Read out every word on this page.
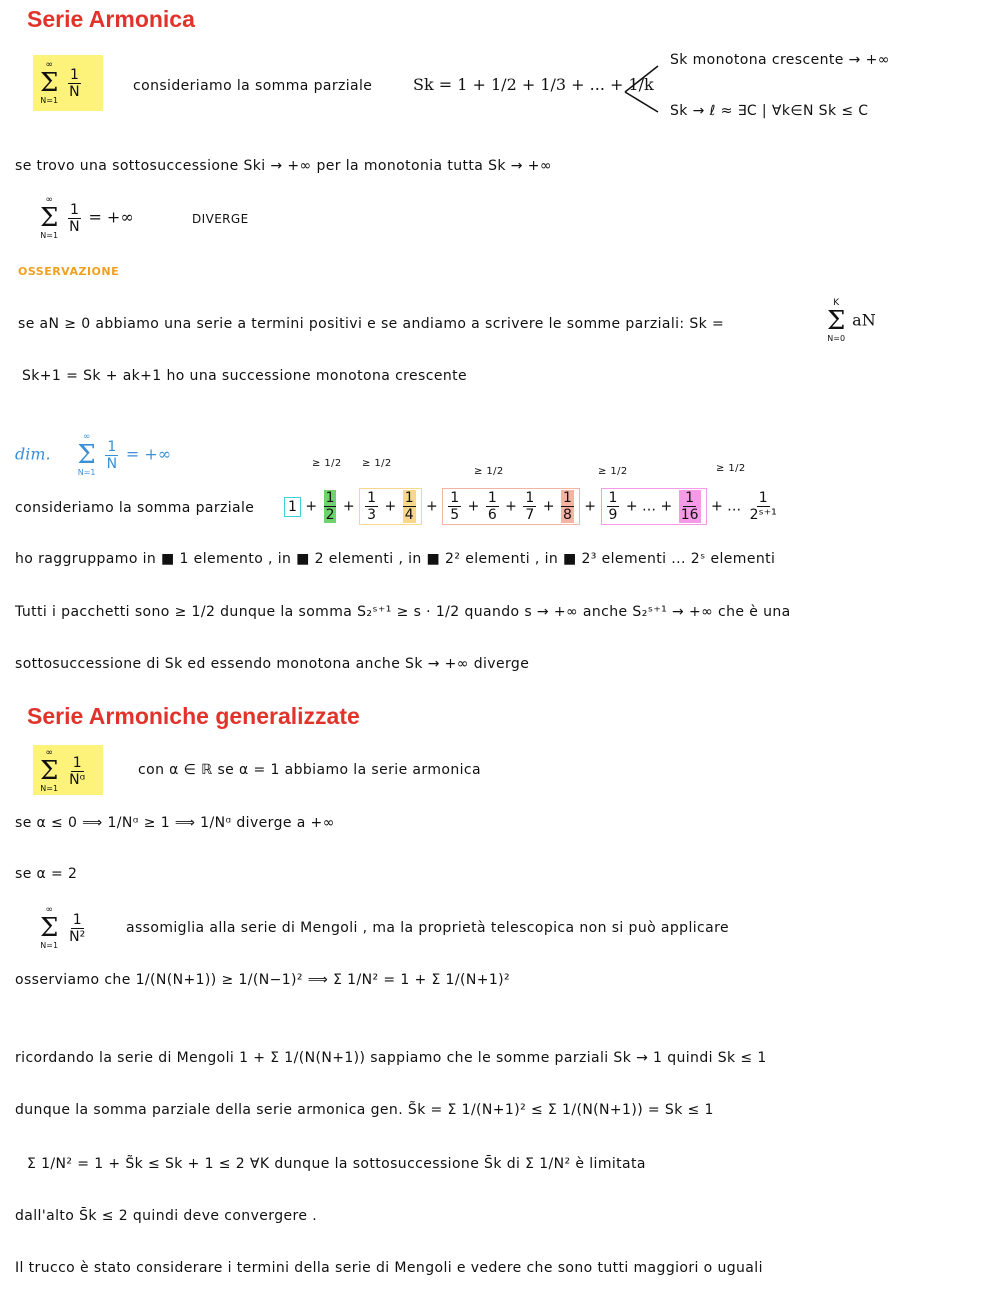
Serie Armonica
∞
Σ
N=1

$\frac{1}{N}$	consideriamo la somma parziale	Sk = 1 + 1/2 + 1/3 + ... + 1/k
Sk monotona crescente → +∞
Sk → ℓ ≈ ∃C | ∀k∈N Sk ≤ C
se trovo una sottosuccessione Ski → +∞ per la monotonia tutta Sk → +∞
∞
Σ
N=1

$\frac{1}{N}$ = +∞	DIVERGE
OSSERVAZIONE
se aN ≥ 0 abbiamo una serie a termini positivi e se andiamo a scrivere le somme parziali: Sk =
K
Σ
N=0
aN
Sk+1 = Sk + ak+1 ho una successione monotona crescente
dim.
∞
Σ
N=1

$\frac{1}{N}$ = +∞
consideriamo la somma parziale $1 + \frac{1}{2} + \frac{1}{3} + \frac{1}{4} + \frac{1}{5} + \frac{1}{6} + \frac{1}{7} + \frac{1}{8} + \frac{1}{9}$ + … + $\frac{1}{16}$ + … $\frac{1}{\text{2ˢ⁺¹}}$
≥ 1/2 ≥ 1/2
≥ 1/2	≥ 1/2	≥ 1/2
ho raggruppamo in ■ 1 elemento , in ■ 2 elementi , in ■ 2² elementi , in ■ 2³ elementi ... 2ˢ elementi
Tutti i pacchetti sono ≥ 1/2 dunque la somma S₂ˢ⁺¹ ≥ s · 1/2 quando s → +∞ anche S₂ˢ⁺¹ → +∞ che è una
sottosuccessione di Sk ed essendo monotona anche Sk → +∞ diverge
Serie Armoniche generalizzate
∞
Σ
N=1

$\frac{1}{\text{Nᵅ}}$	con α ∈ ℝ se α = 1 abbiamo la serie armonica
se α ≤ 0 ⟹ 1/Nᵅ ≥ 1 ⟹ 1/Nᵅ diverge a +∞
se α = 2
∞
Σ
N=1

$\frac{1}{\text{N²}}$	assomiglia alla serie di Mengoli , ma la proprietà telescopica non si può applicare
osserviamo che 1/(N(N+1)) ≥ 1/(N−1)² ⟹ Σ 1/N² = 1 + Σ 1/(N+1)²
ricordando la serie di Mengoli 1 + Σ 1/(N(N+1)) sappiamo che le somme parziali Sk → 1 quindi Sk ≤ 1
dunque la somma parziale della serie armonica gen. S̃k = Σ 1/(N+1)² ≤ Σ 1/(N(N+1)) = Sk ≤ 1
Σ 1/N² = 1 + S̃k ≤ Sk + 1 ≤ 2 ∀K dunque la sottosuccessione S̄k di Σ 1/N² è limitata
dall'alto S̄k ≤ 2 quindi deve convergere .
Il trucco è stato considerare i termini della serie di Mengoli e vedere che sono tutti maggiori o uguali
